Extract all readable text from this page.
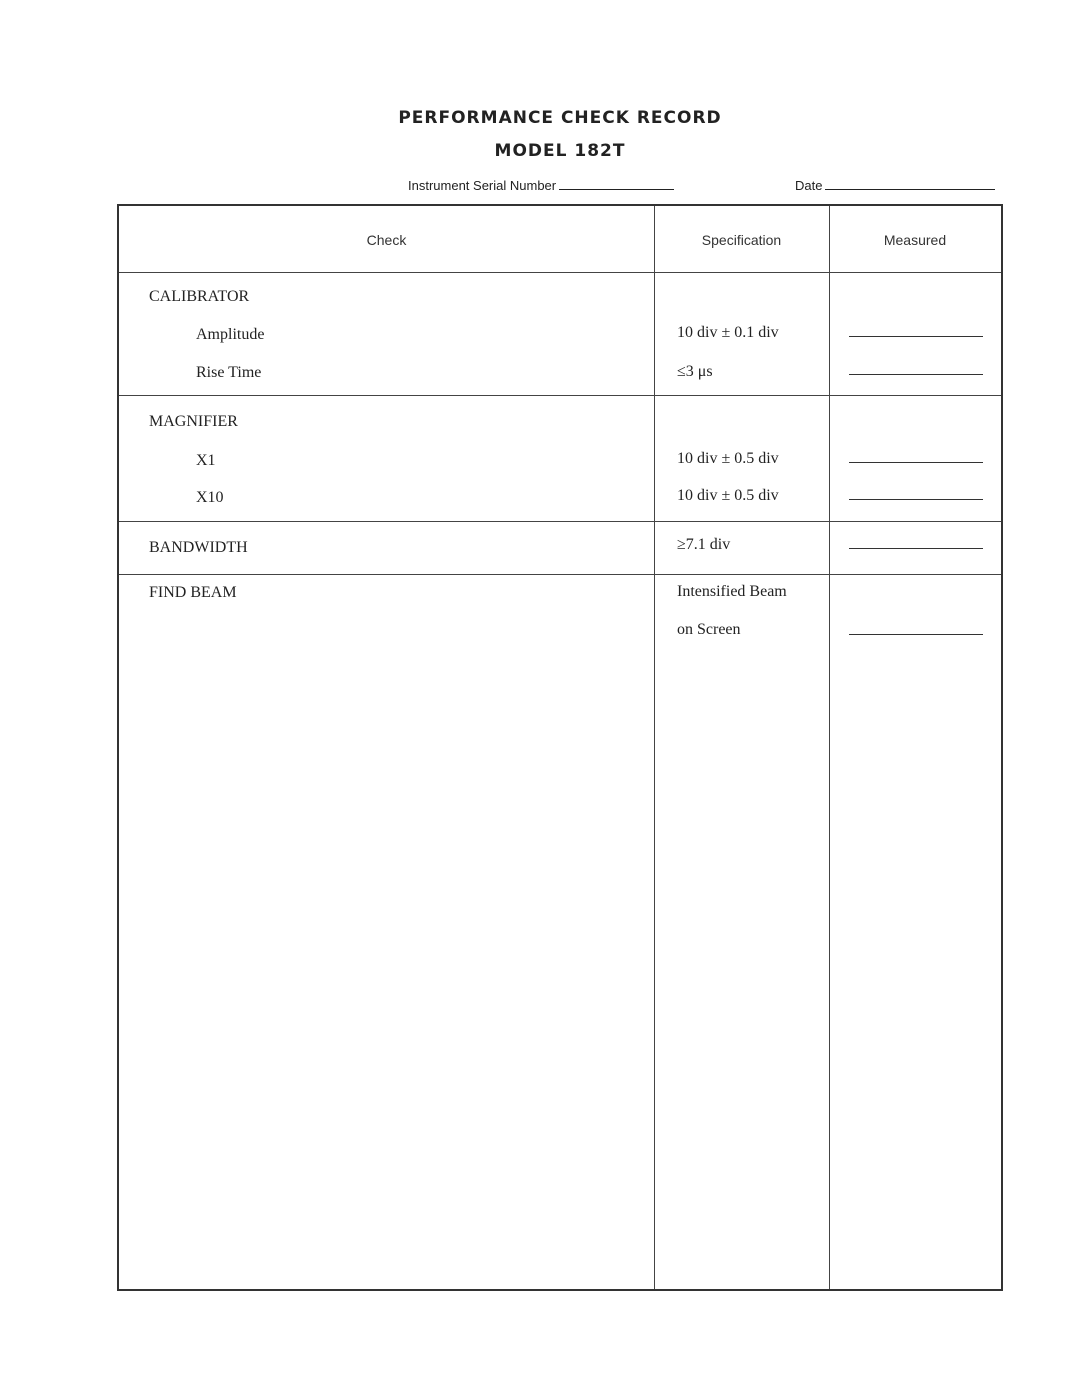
PERFORMANCE CHECK RECORD
MODEL 182T
Instrument Serial Number	Date
Check	Specification	Measured
CALIBRATOR
Amplitude	10 div ± 0.1 div
Rise Time	≤3 μs
MAGNIFIER
X1	10 div ± 0.5 div
X10	10 div ± 0.5 div
BANDWIDTH	≥7.1 div
FIND BEAM	Intensified Beam
on Screen
